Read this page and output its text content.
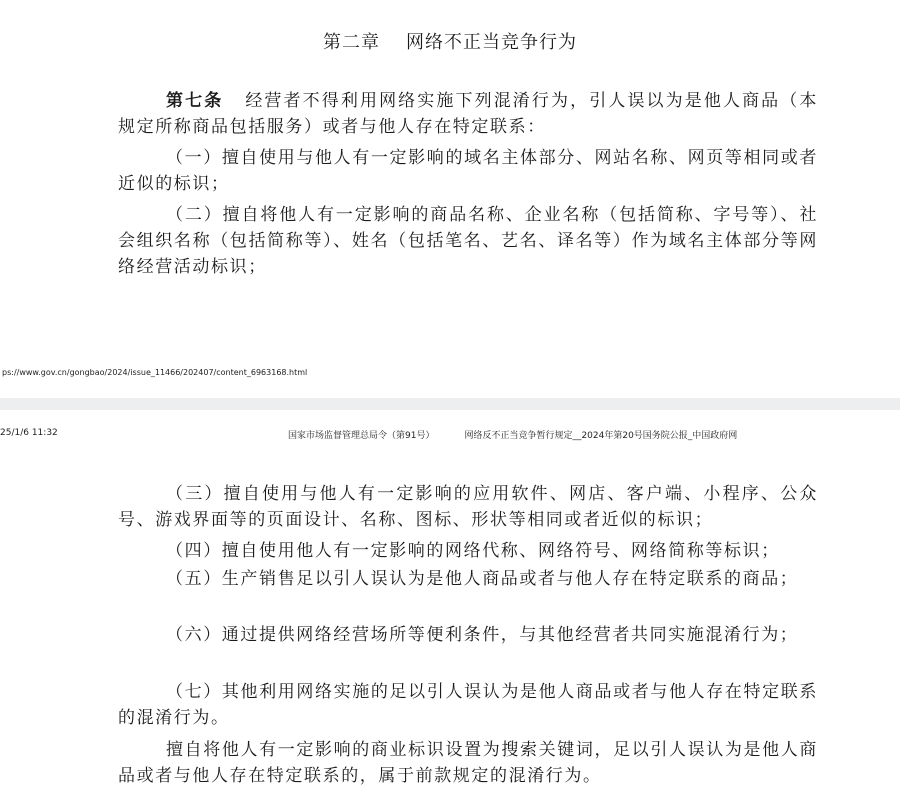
第二章 网络不正当竞争行为

第七条 经营者不得利用网络实施下列混淆行为，引人误以为是他人商品（本规定所称商品包括服务）或者与他人存在特定联系：

（一）擅自使用与他人有一定影响的域名主体部分、网站名称、网页等相同或者近似的标识；

（二）擅自将他人有一定影响的商品名称、企业名称（包括简称、字号等）、社会组织名称（包括简称等）、姓名（包括笔名、艺名、译名等）作为域名主体部分等网络经营活动标识；

ps://www.gov.cn/gongbao/2024/issue_11466/202407/content_6963168.html
25/1/6 11:32	国家市场监督管理总局令（第91号）	网络反不正当竞争暂行规定__2024年第20号国务院公报_中国政府网

（三）擅自使用与他人有一定影响的应用软件、网店、客户端、小程序、公众号、游戏界面等的页面设计、名称、图标、形状等相同或者近似的标识；

（四）擅自使用他人有一定影响的网络代称、网络符号、网络简称等标识；

（五）生产销售足以引人误认为是他人商品或者与他人存在特定联系的商品；

（六）通过提供网络经营场所等便利条件，与其他经营者共同实施混淆行为；

（七）其他利用网络实施的足以引人误认为是他人商品或者与他人存在特定联系的混淆行为。

擅自将他人有一定影响的商业标识设置为搜索关键词，足以引人误认为是他人商品或者与他人存在特定联系的，属于前款规定的混淆行为。
